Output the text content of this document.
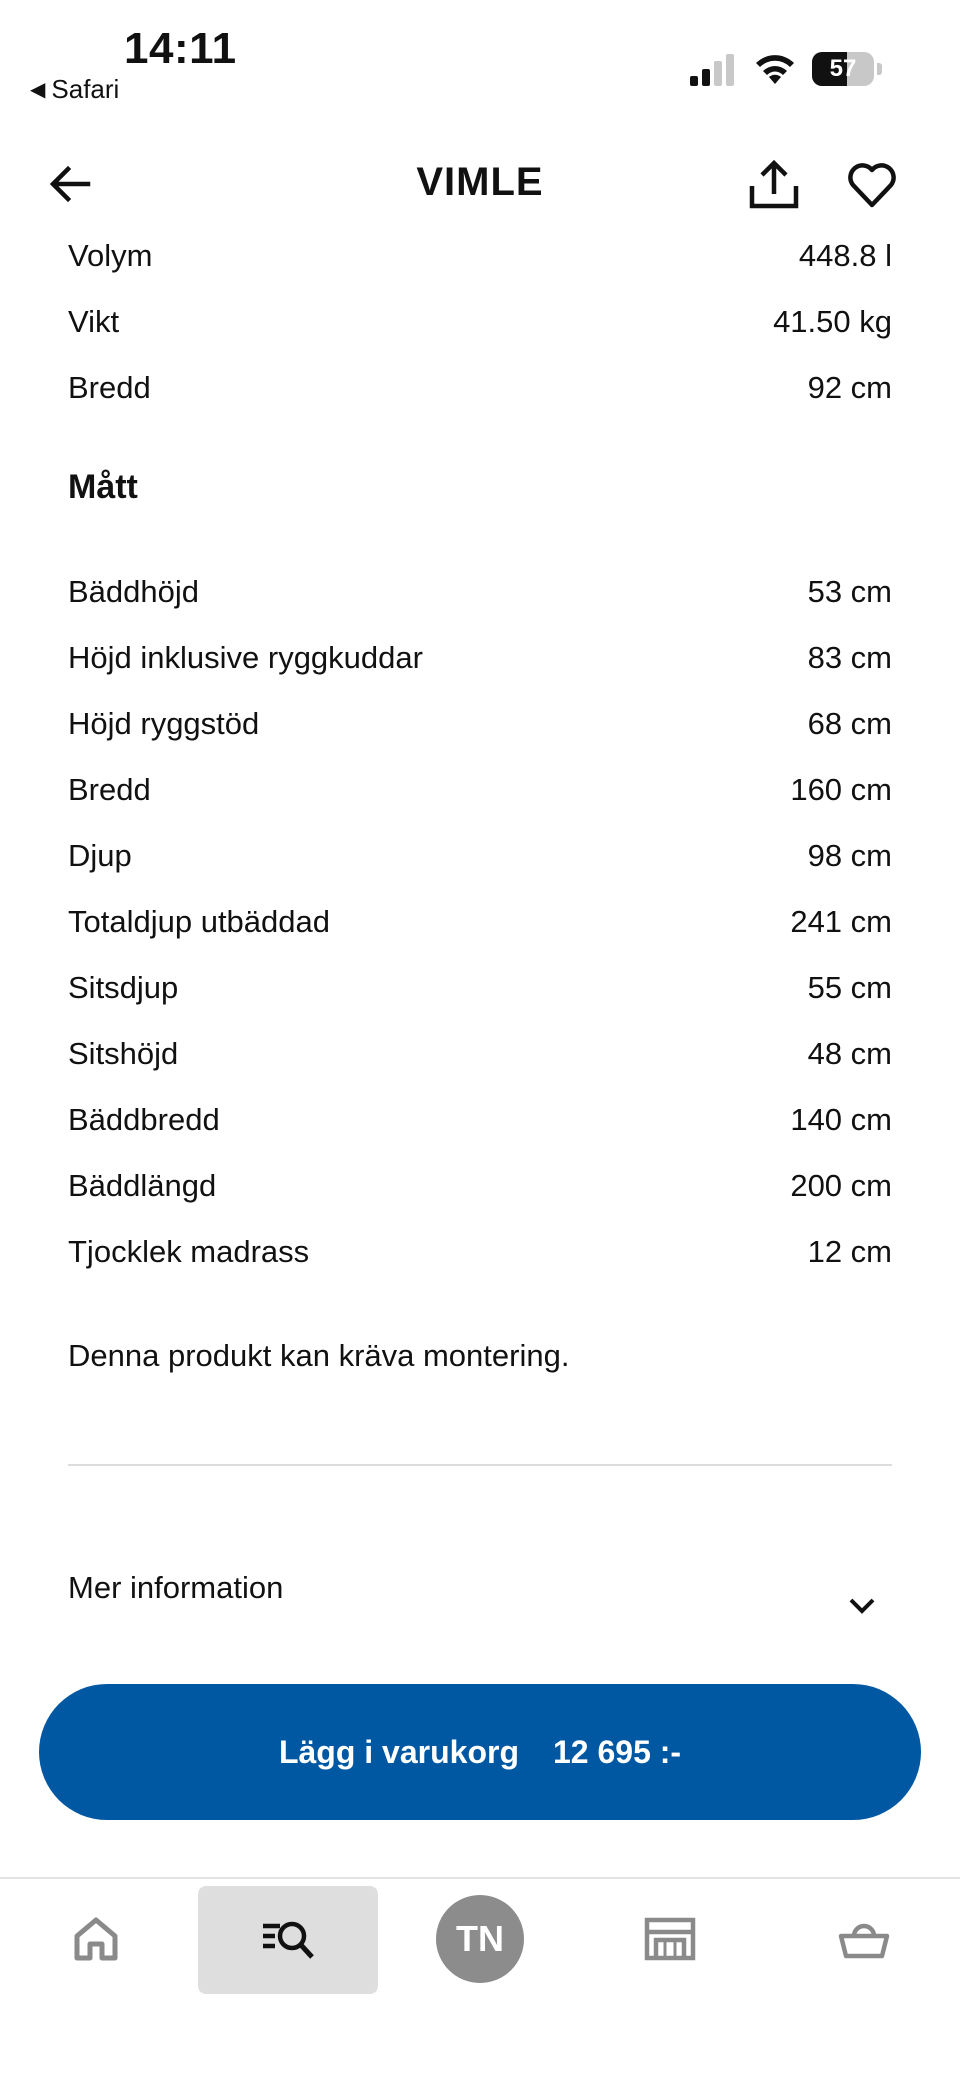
14:11
◀ Safari
57
VIMLE
Volym	448.8 l
Vikt	41.50 kg
Bredd	92 cm
Mått
Bäddhöjd	53 cm
Höjd inklusive ryggkuddar	83 cm
Höjd ryggstöd	68 cm
Bredd	160 cm
Djup	98 cm
Totaldjup utbäddad	241 cm
Sitsdjup	55 cm
Sitshöjd	48 cm
Bäddbredd	140 cm
Bäddlängd	200 cm
Tjocklek madrass	12 cm
Denna produkt kan kräva montering.
Mer information
Lägg i varukorg 12 695 :-
TN
